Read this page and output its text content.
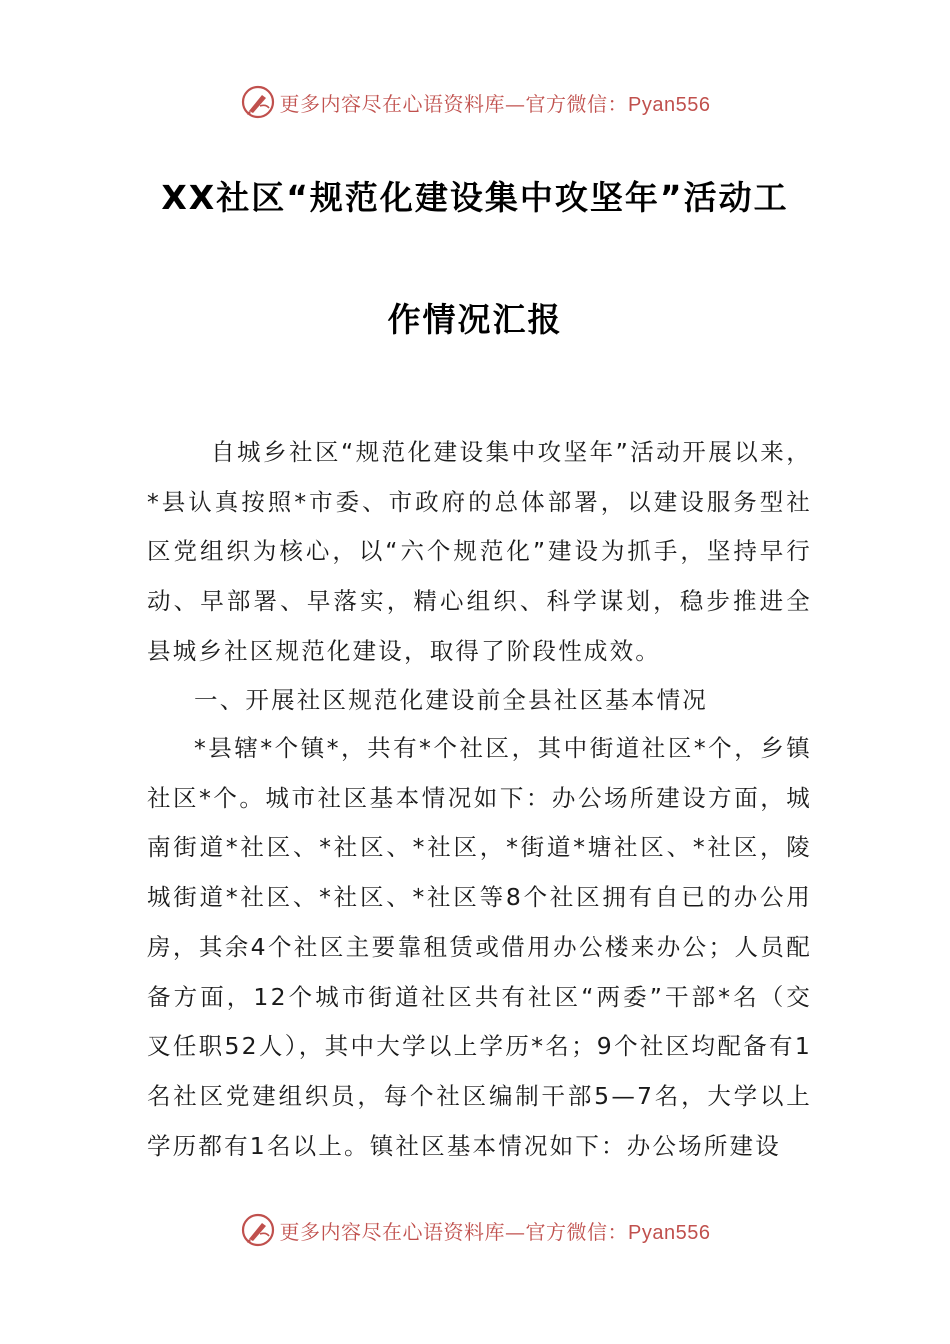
更多内容尽在心语资料库—官方微信：Pyan556
XX社区“规范化建设集中攻坚年”活动工
作情况汇报
自城乡社区“规范化建设集中攻坚年”活动开展以来，*县认真按照*市委、市政府的总体部署，以建设服务型社区党组织为核心，以“六个规范化”建设为抓手，坚持早行动、早部署、早落实，精心组织、科学谋划，稳步推进全县城乡社区规范化建设，取得了阶段性成效。
一、开展社区规范化建设前全县社区基本情况
*县辖*个镇*，共有*个社区，其中街道社区*个，乡镇社区*个。城市社区基本情况如下：办公场所建设方面，城南街道*社区、*社区、*社区，*街道*塘社区、*社区，陵城街道*社区、*社区、*社区等8个社区拥有自已的办公用房，其余4个社区主要靠租赁或借用办公楼来办公；人员配备方面，12个城市街道社区共有社区“两委”干部*名（交叉任职52人），其中大学以上学历*名；9个社区均配备有1名社区党建组织员，每个社区编制干部5—7名，大学以上学历都有1名以上。镇社区基本情况如下：办公场所建设
更多内容尽在心语资料库—官方微信：Pyan556
